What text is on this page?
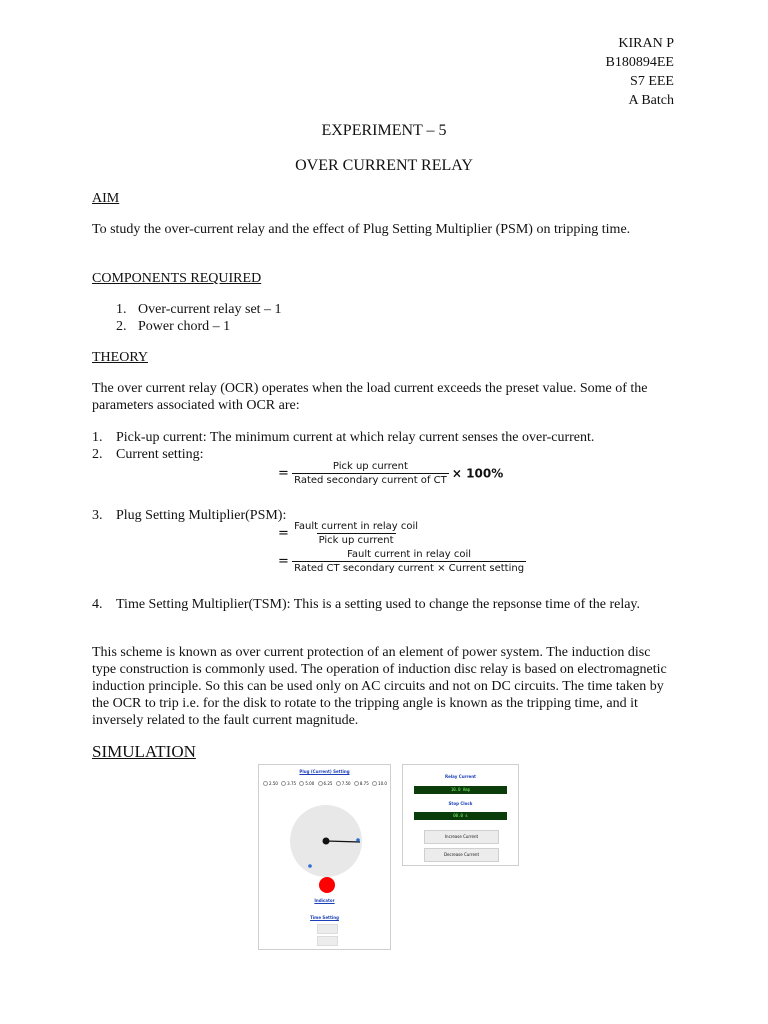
KIRAN P
B180894EE
S7 EEE
A Batch
EXPERIMENT – 5
OVER CURRENT RELAY
AIM
To study the over-current relay and the effect of Plug Setting Multiplier (PSM) on tripping time.
COMPONENTS REQUIRED
1. Over-current relay set – 1
2. Power chord – 1
THEORY
The over current relay (OCR) operates when the load current exceeds the preset value. Some of the parameters associated with OCR are:
1. Pick-up current: The minimum current at which relay current senses the over-current.
2. Current setting:
= $\frac{\text{Pick up current}}{\text{Rated secondary current of CT}} \times 100\%$
3. Plug Setting Multiplier(PSM):
= $\frac{\text{Fault current in relay coil}}{\text{Pick up current}}$
= $\frac{\text{Fault current in relay coil}}{\text{Rated CT secondary current × Current setting}}$
4. Time Setting Multiplier(TSM): This is a setting used to change the repsonse time of the relay.
This scheme is known as over current protection of an element of power system. The induction disc type construction is commonly used. The operation of induction disc relay is based on electromagnetic induction principle. So this can be used only on AC circuits and not on DC circuits. The time taken by the OCR to trip i.e. for the disk to rotate to the tripping angle is known as the tripping time, and it inversely related to the fault current magnitude.
SIMULATION
Plug (Current) Setting
2.50 3.75 5.00 6.25 7.50 8.75 10.0
Indicator
Time Setting
Relay Current
10.0 Amp
Stop Clock
00.0 s
Increase Current
Decrease Current
